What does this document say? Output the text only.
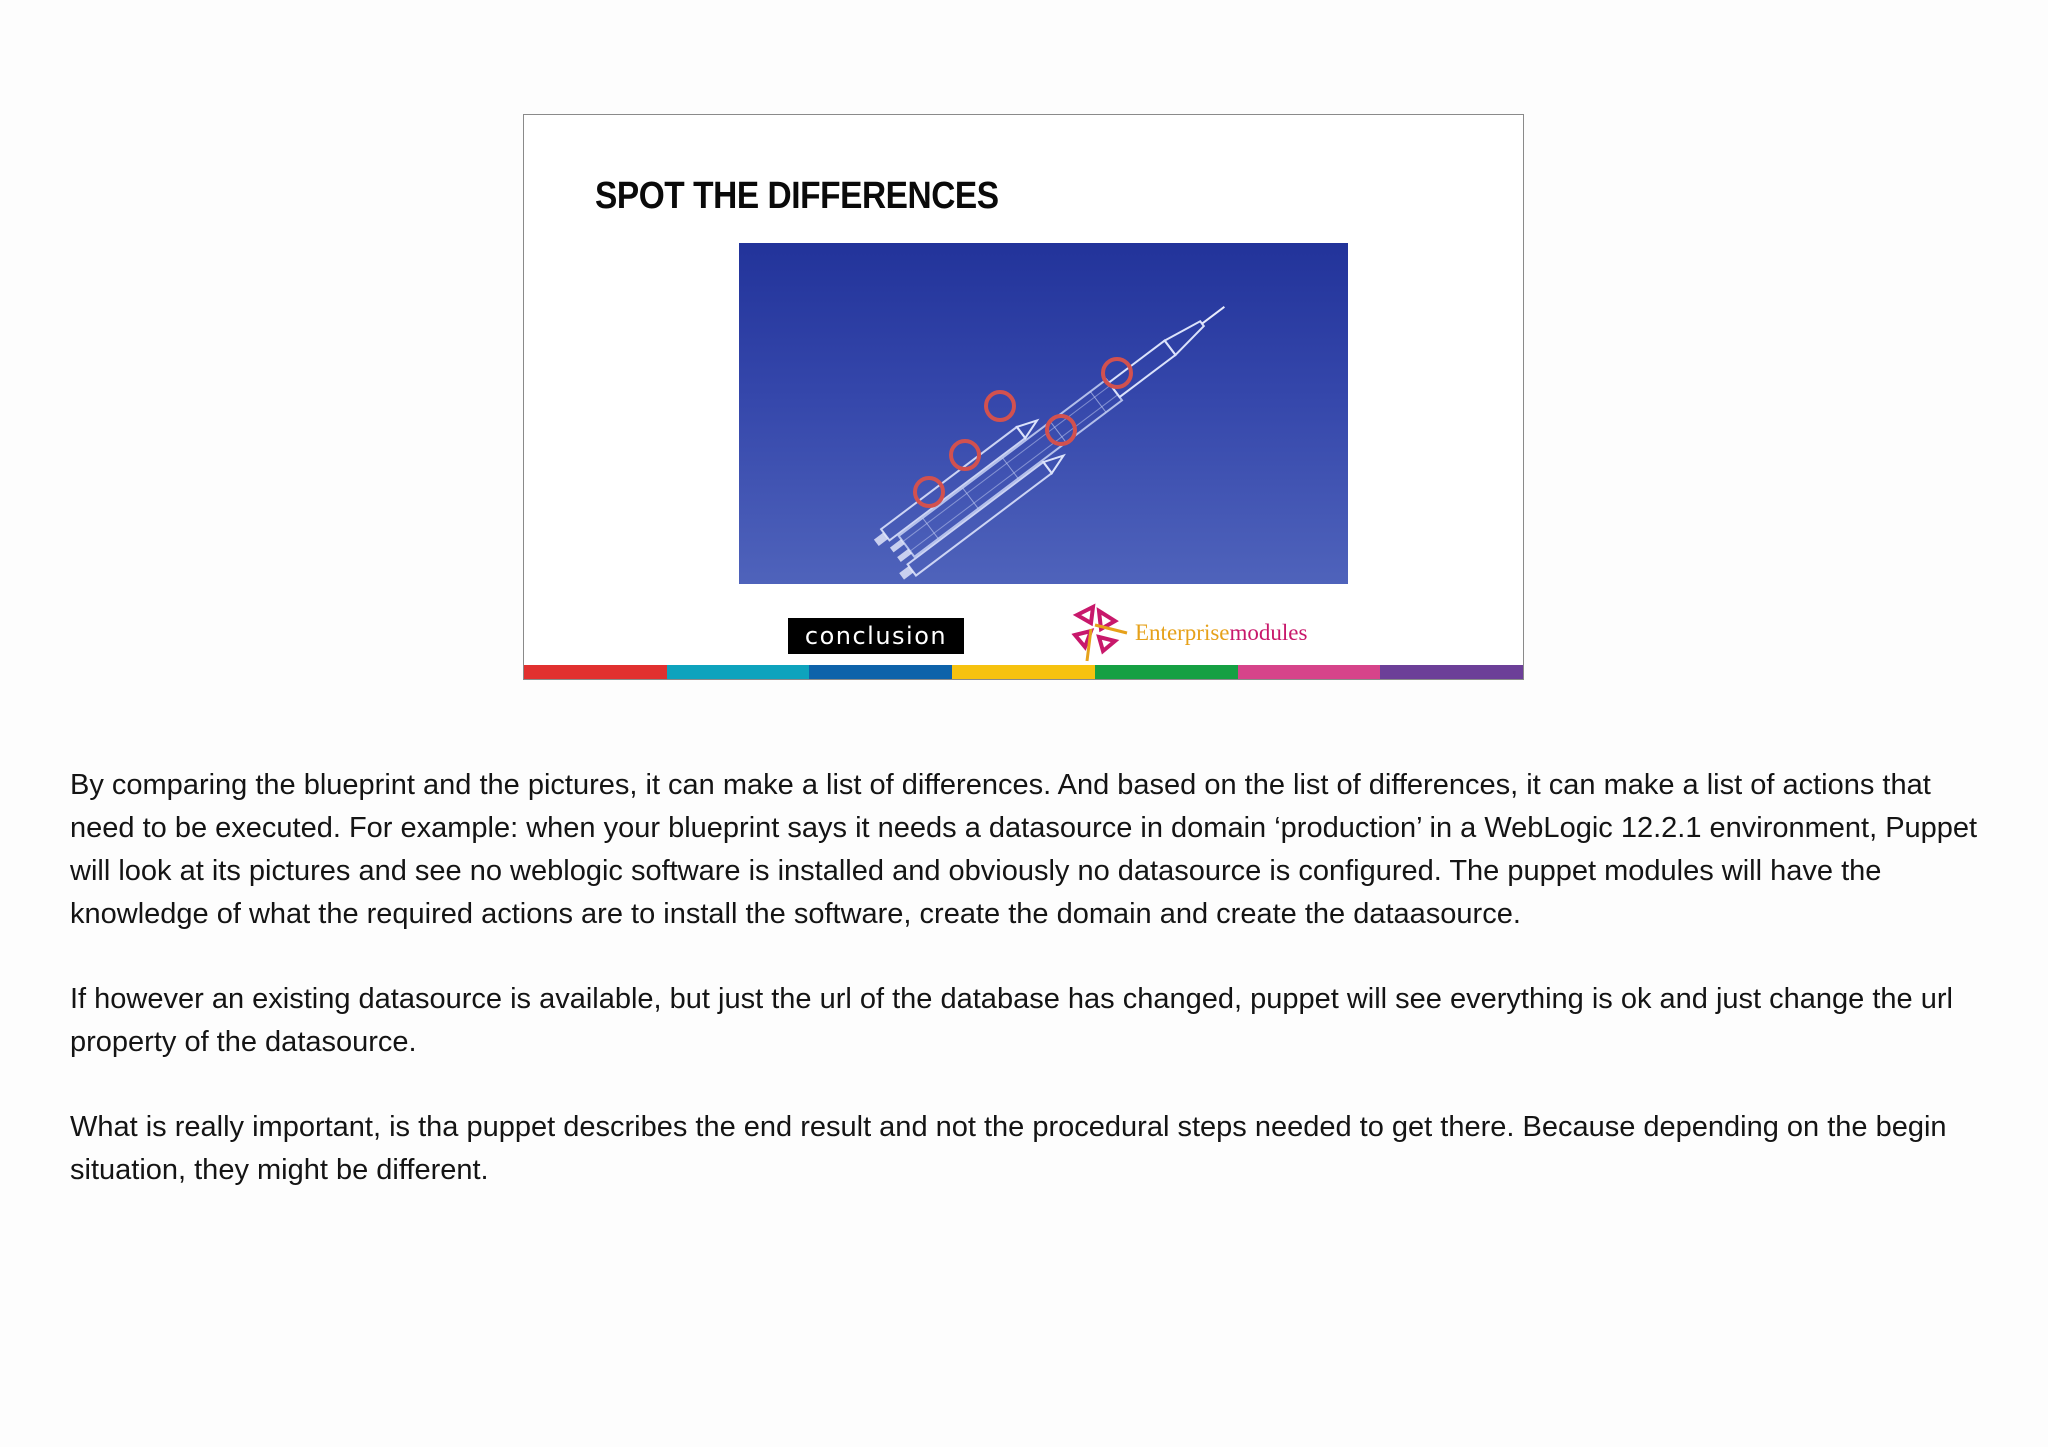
SPOT THE DIFFERENCES
conclusion	Enterprisemodules

By comparing the blueprint and the pictures, it can make a list of differences. And based on the list of differences, it can make a list of actions that need to be executed. For example: when your blueprint says it needs a datasource in domain ‘production’ in a WebLogic 12.2.1 environment, Puppet will look at its pictures and see no weblogic software is installed and obviously no datasource is configured. The puppet modules will have the knowledge of what the required actions are to install the software, create the domain and create the dataasource.

If however an existing datasource is available, but just the url of the database has changed, puppet will see everything is ok and just change the url property of the datasource.

What is really important, is tha puppet describes the end result and not the procedural steps needed to get there. Because depending on the begin situation, they might be different.
